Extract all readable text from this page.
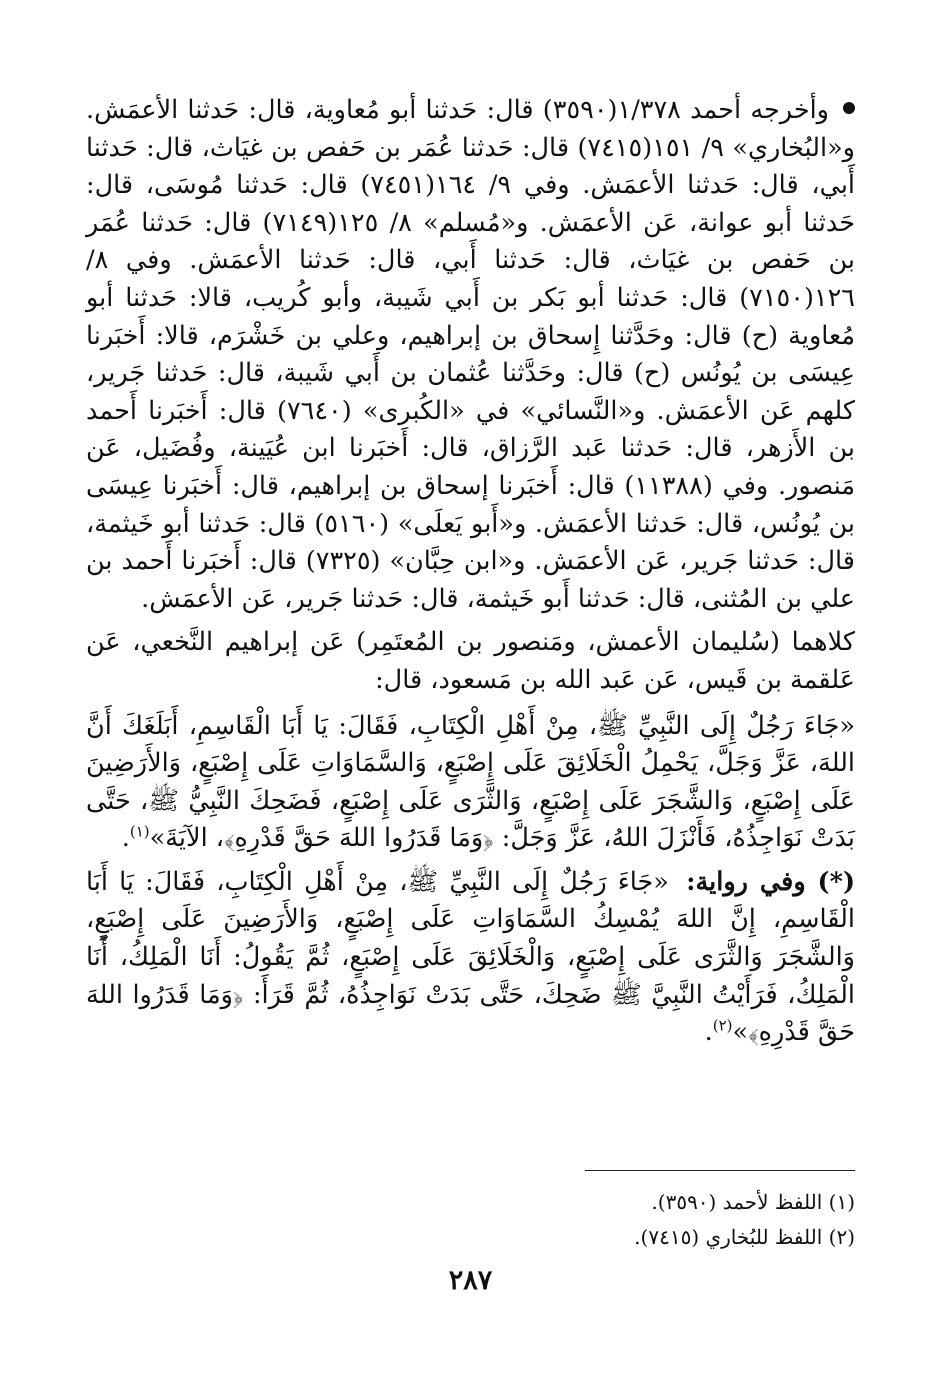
وأخرجه أحمد ١/٣٧٨(٣٥٩٠) قال: حَدثنا أبو مُعاوية، قال: حَدثنا الأعمَش. و«البُخاري» ٩/ ١٥١(٧٤١٥) قال: حَدثنا عُمَر بن حَفص بن غيَاث، قال: حَدثنا أَبي، قال: حَدثنا الأعمَش. وفي ٩/ ١٦٤(٧٤٥١) قال: حَدثنا مُوسَى، قال: حَدثنا أبو عوانة، عَن الأعمَش. و«مُسلم» ٨/ ١٢٥(٧١٤٩) قال: حَدثنا عُمَر بن حَفص بن غيَاث، قال: حَدثنا أَبي، قال: حَدثنا الأعمَش. وفي ٨/ ١٢٦(٧١٥٠) قال: حَدثنا أبو بَكر بن أَبي شَيبة، وأبو كُريب، قالا: حَدثنا أبو مُعاوية (ح) قال: وحَدَّثنا إِسحاق بن إبراهيم، وعلي بن خَشْرَم، قالا: أَخبَرنا عِيسَى بن يُونُس (ح) قال: وحَدَّثنا عُثمان بن أَبي شَيبة، قال: حَدثنا جَرير، كلهم عَن الأعمَش. و«النَّسائي» في «الكُبرى» (٧٦٤٠) قال: أَخبَرنا أَحمد بن الأَزهر، قال: حَدثنا عَبد الرَّزاق، قال: أَخبَرنا ابن عُيَينة، وفُضَيل، عَن مَنصور. وفي (١١٣٨٨) قال: أَخبَرنا إسحاق بن إبراهيم، قال: أَخبَرنا عِيسَى بن يُونُس، قال: حَدثنا الأعمَش. و«أَبو يَعلَى» (٥١٦٠) قال: حَدثنا أبو خَيثمة، قال: حَدثنا جَرير، عَن الأعمَش. و«ابن حِبَّان» (٧٣٢٥) قال: أَخبَرنا أَحمد بن علي بن المُثنى، قال: حَدثنا أَبو خَيثمة، قال: حَدثنا جَرير، عَن الأعمَش.

كلاهما (سُليمان الأعمش، ومَنصور بن المُعتَمِر) عَن إبراهيم النَّخعي، عَن عَلقمة بن قَيس، عَن عَبد الله بن مَسعود، قال:

«جَاءَ رَجُلٌ إِلَى النَّبِيِّ ﷺ، مِنْ أَهْلِ الْكِتَابِ، فَقَالَ: يَا أَبَا الْقَاسِمِ، أَبَلَغَكَ أَنَّ اللهَ، عَزَّ وَجَلَّ، يَحْمِلُ الْخَلَائِقَ عَلَى إِصْبَعٍ، وَالسَّمَاوَاتِ عَلَى إِصْبَعٍ، وَالأَرَضِينَ عَلَى إِصْبَعٍ، وَالشَّجَرَ عَلَى إِصْبَعٍ، وَالثَّرَى عَلَى إِصْبَعٍ، فَضَحِكَ النَّبِيُّ ﷺ، حَتَّى بَدَتْ نَوَاجِذُهُ، فَأَنْزَلَ اللهُ، عَزَّ وَجَلَّ: ﴿وَمَا قَدَرُوا اللهَ حَقَّ قَدْرِهِ﴾، الآيَةَ»$^{(١)}$.

(*) وفي رواية: «جَاءَ رَجُلٌ إِلَى النَّبِيِّ ﷺ، مِنْ أَهْلِ الْكِتَابِ، فَقَالَ: يَا أَبَا الْقَاسِمِ، إِنَّ اللهَ يُمْسِكُ السَّمَاوَاتِ عَلَى إِصْبَعٍ، وَالأَرَضِينَ عَلَى إِصْبَعٍ، وَالشَّجَرَ وَالثَّرَى عَلَى إِصْبَعٍ، وَالْخَلَائِقَ عَلَى إِصْبَعٍ، ثُمَّ يَقُولُ: أَنَا الْمَلِكُ، أَنَا الْمَلِكُ، فَرَأَيْتُ النَّبِيَّ ﷺ ضَحِكَ، حَتَّى بَدَتْ نَوَاجِذُهُ، ثُمَّ قَرَأَ: ﴿وَمَا قَدَرُوا اللهَ حَقَّ قَدْرِهِ﴾»$^{(٢)}$.

(١) اللفظ لأحمد (٣٥٩٠).

(٢) اللفظ للبُخاري (٧٤١٥).

٢٨٧
